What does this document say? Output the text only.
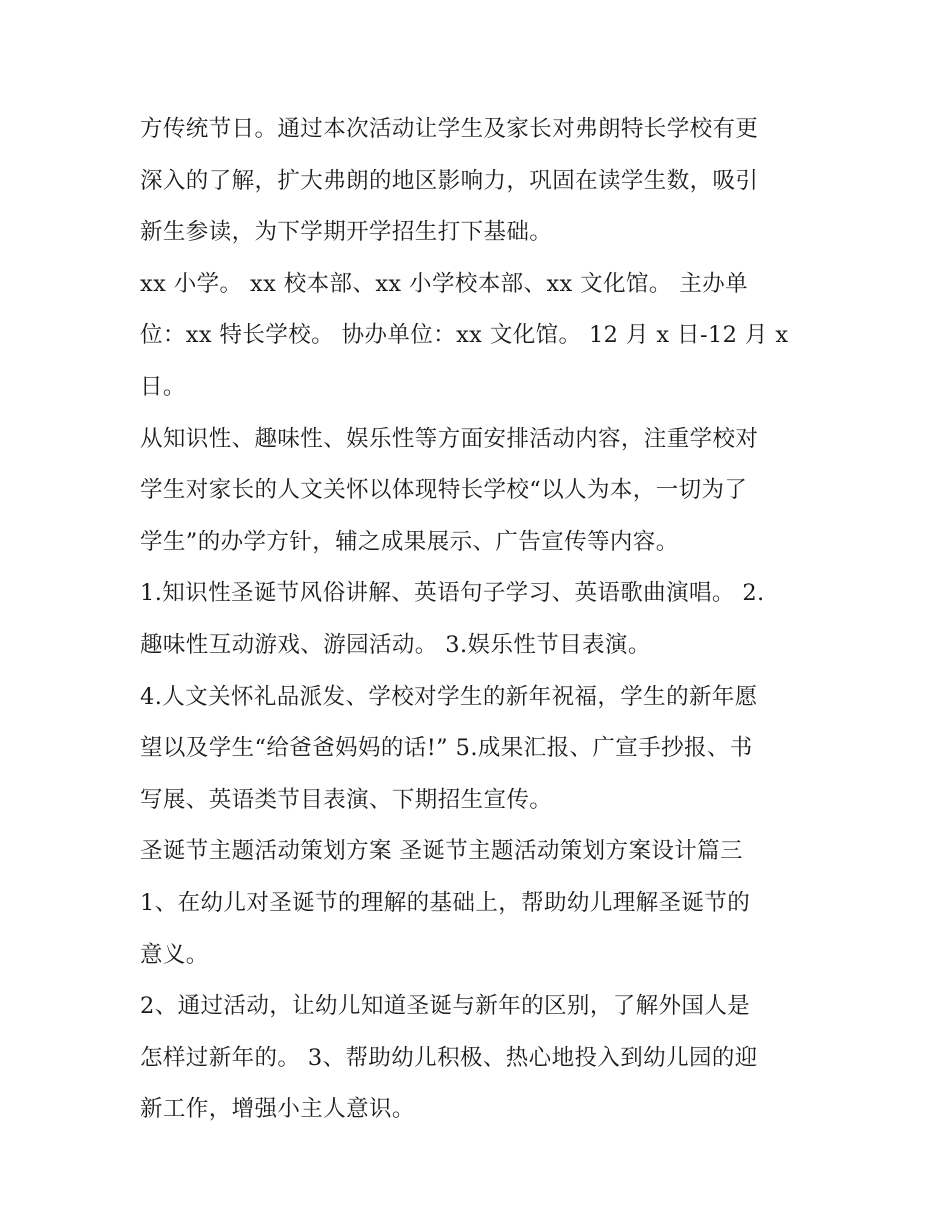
方传统节日。通过本次活动让学生及家长对弗朗特长学校有更
深入的了解，扩大弗朗的地区影响力，巩固在读学生数，吸引
新生参读，为下学期开学招生打下基础。

xx 小学。 xx 校本部、xx 小学校本部、xx 文化馆。 主办单
位：xx 特长学校。 协办单位：xx 文化馆。 12 月 x 日-12 月 x
日。

从知识性、趣味性、娱乐性等方面安排活动内容，注重学校对
学生对家长的人文关怀以体现特长学校“以人为本，一切为了
学生”的办学方针，辅之成果展示、广告宣传等内容。

1.知识性圣诞节风俗讲解、英语句子学习、英语歌曲演唱。 2.
趣味性互动游戏、游园活动。 3.娱乐性节目表演。

4.人文关怀礼品派发、学校对学生的新年祝福，学生的新年愿
望以及学生“给爸爸妈妈的话!” 5.成果汇报、广宣手抄报、书
写展、英语类节目表演、下期招生宣传。

圣诞节主题活动策划方案 圣诞节主题活动策划方案设计篇三

1、在幼儿对圣诞节的理解的基础上，帮助幼儿理解圣诞节的
意义。

2、通过活动，让幼儿知道圣诞与新年的区别，了解外国人是
怎样过新年的。 3、帮助幼儿积极、热心地投入到幼儿园的迎
新工作，增强小主人意识。
